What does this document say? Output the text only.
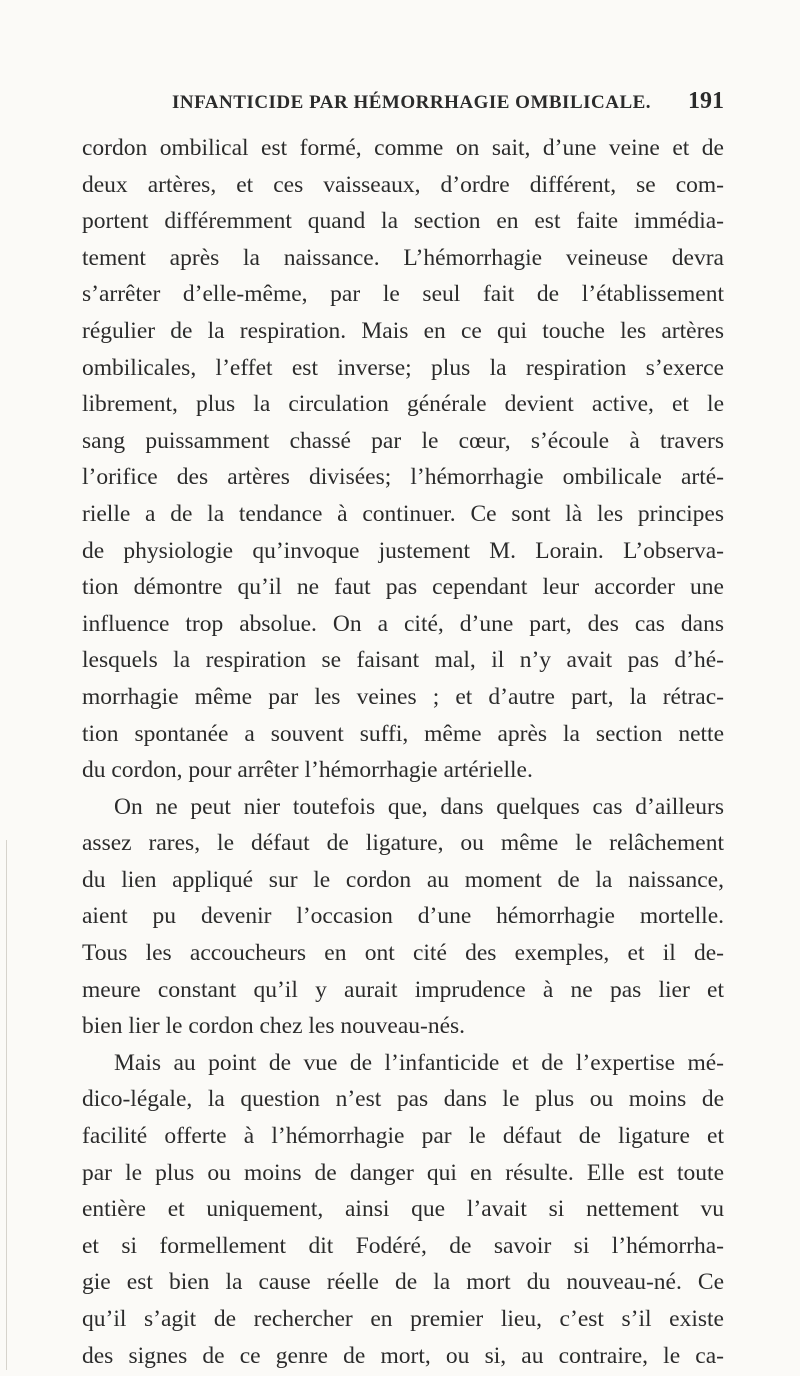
INFANTICIDE PAR HÉMORRHAGIE OMBILICALE. 191
cordon ombilical est formé, comme on sait, d’une veine et de
deux artères, et ces vaisseaux, d’ordre différent, se com-
portent différemment quand la section en est faite immédia-
tement après la naissance. L’hémorrhagie veineuse devra
s’arrêter d’elle-même, par le seul fait de l’établissement
régulier de la respiration. Mais en ce qui touche les artères
ombilicales, l’effet est inverse; plus la respiration s’exerce
librement, plus la circulation générale devient active, et le
sang puissamment chassé par le cœur, s’écoule à travers
l’orifice des artères divisées; l’hémorrhagie ombilicale arté-
rielle a de la tendance à continuer. Ce sont là les principes
de physiologie qu’invoque justement M. Lorain. L’observa-
tion démontre qu’il ne faut pas cependant leur accorder une
influence trop absolue. On a cité, d’une part, des cas dans
lesquels la respiration se faisant mal, il n’y avait pas d’hé-
morrhagie même par les veines ; et d’autre part, la rétrac-
tion spontanée a souvent suffi, même après la section nette
du cordon, pour arrêter l’hémorrhagie artérielle.
On ne peut nier toutefois que, dans quelques cas d’ailleurs
assez rares, le défaut de ligature, ou même le relâchement
du lien appliqué sur le cordon au moment de la naissance,
aient pu devenir l’occasion d’une hémorrhagie mortelle.
Tous les accoucheurs en ont cité des exemples, et il de-
meure constant qu’il y aurait imprudence à ne pas lier et
bien lier le cordon chez les nouveau-nés.
Mais au point de vue de l’infanticide et de l’expertise mé-
dico-légale, la question n’est pas dans le plus ou moins de
facilité offerte à l’hémorrhagie par le défaut de ligature et
par le plus ou moins de danger qui en résulte. Elle est toute
entière et uniquement, ainsi que l’avait si nettement vu
et si formellement dit Fodéré, de savoir si l’hémorrha-
gie est bien la cause réelle de la mort du nouveau-né. Ce
qu’il s’agit de rechercher en premier lieu, c’est s’il existe
des signes de ce genre de mort, ou si, au contraire, le ca-
